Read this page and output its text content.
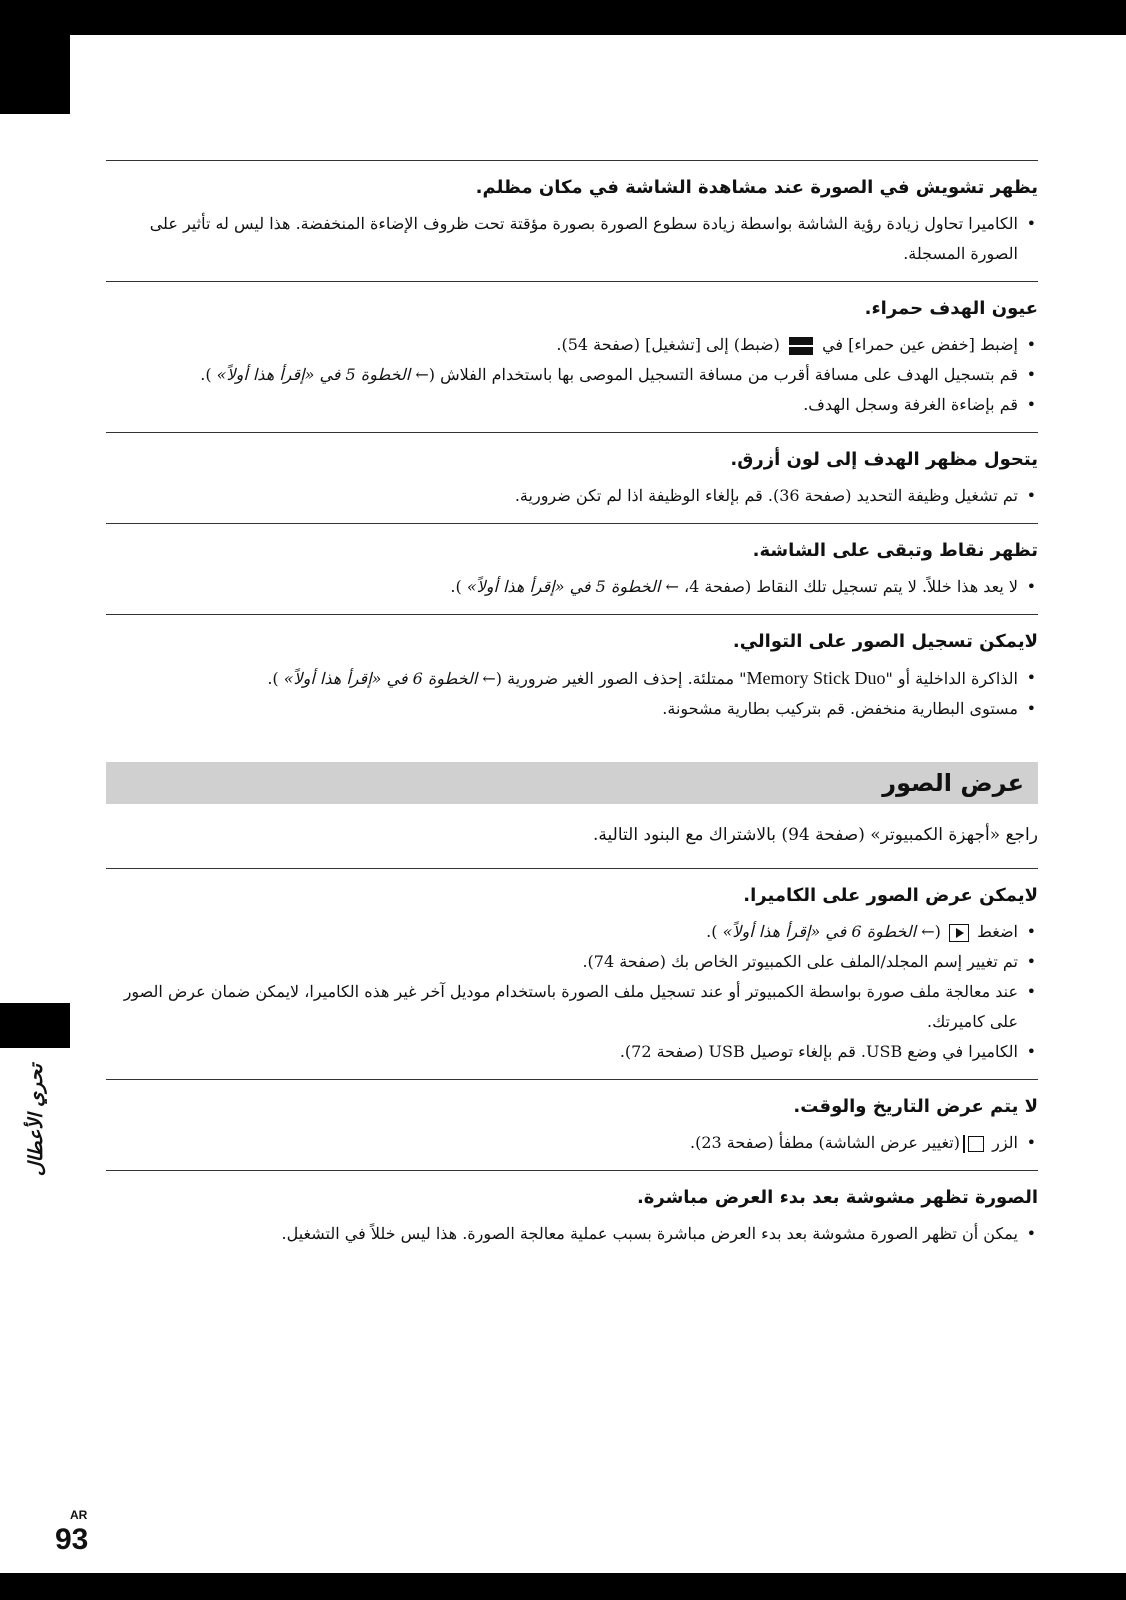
تحري الأعطال
AR
93
يظهر تشويش في الصورة عند مشاهدة الشاشة في مكان مظلم.
• الكاميرا تحاول زيادة رؤية الشاشة بواسطة زيادة سطوع الصورة بصورة مؤقتة تحت ظروف الإضاءة المنخفضة. هذا ليس له تأثير على الصورة المسجلة.
عيون الهدف حمراء.
• إضبط [خفض عين حمراء] في  (ضبط) إلى [تشغيل] (صفحة 54).
• قم بتسجيل الهدف على مسافة أقرب من مسافة التسجيل الموصى بها باستخدام الفلاش (← الخطوة 5 في «إقرأ هذا أولاً» ).
• قم بإضاءة الغرفة وسجل الهدف.
يتحول مظهر الهدف إلى لون أزرق.
• تم تشغيل وظيفة التحديد (صفحة 36). قم بإلغاء الوظيفة اذا لم تكن ضرورية.
تظهر نقاط وتبقى على الشاشة.
• لا يعد هذا خللاً. لا يتم تسجيل تلك النقاط (صفحة 4، ← الخطوة 5 في «إقرأ هذا أولاً» ).
لايمكن تسجيل الصور على التوالي.
• الذاكرة الداخلية أو "Memory Stick Duo" ممتلئة. إحذف الصور الغير ضرورية (← الخطوة 6 في «إقرأ هذا أولاً» ).
• مستوى البطارية منخفض. قم بتركيب بطارية مشحونة.
عرض الصور
راجع «أجهزة الكمبيوتر» (صفحة 94) بالاشتراك مع البنود التالية.
لايمكن عرض الصور على الكاميرا.
• اضغط  (← الخطوة 6 في «إقرأ هذا أولاً» ).
• تم تغيير إسم المجلد/الملف على الكمبيوتر الخاص بك (صفحة 74).
• عند معالجة ملف صورة بواسطة الكمبيوتر أو عند تسجيل ملف الصورة باستخدام موديل آخر غير هذه الكاميرا، لايمكن ضمان عرض الصور على كاميرتك.
• الكاميرا في وضع USB. قم بإلغاء توصيل USB (صفحة 72).
لا يتم عرض التاريخ والوقت.
• الزر  (تغيير عرض الشاشة) مطفأ (صفحة 23).
الصورة تظهر مشوشة بعد بدء العرض مباشرة.
• يمكن أن تظهر الصورة مشوشة بعد بدء العرض مباشرة بسبب عملية معالجة الصورة. هذا ليس خللاً في التشغيل.
